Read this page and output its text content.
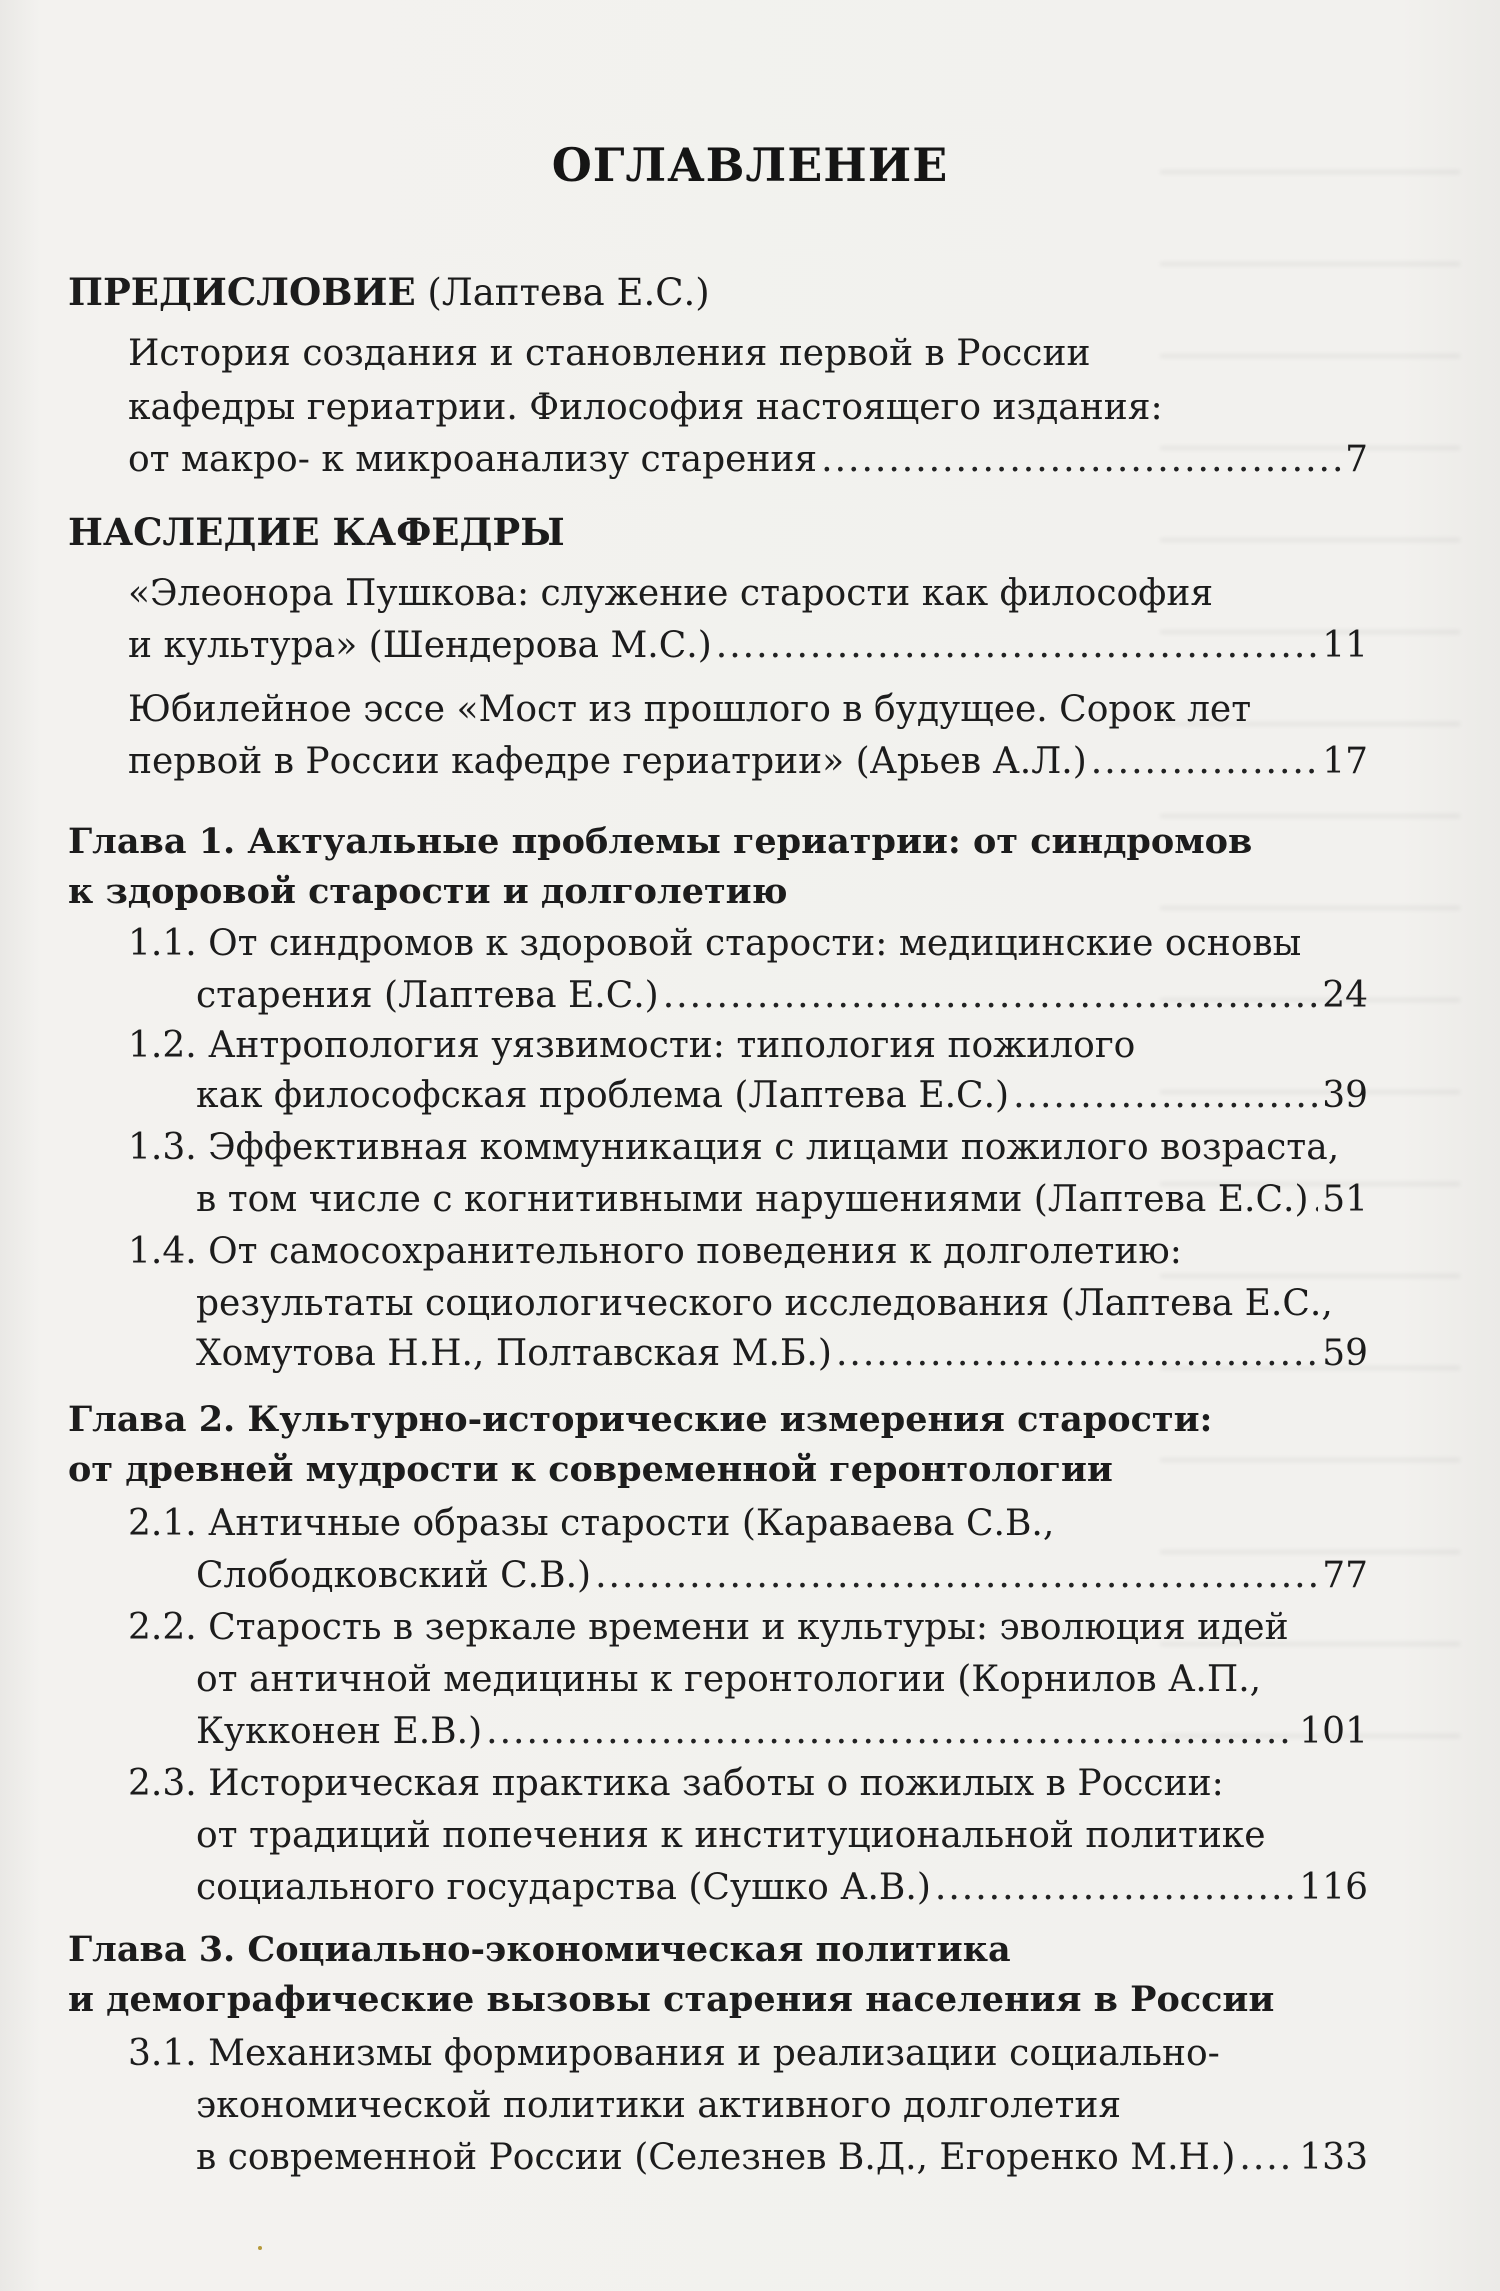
ОГЛАВЛЕНИЕ
ПРЕДИСЛОВИЕ (Лаптева Е.С.)
История создания и становления первой в России
кафедры гериатрии. Философия настоящего издания:
от макро- к микроанализу старения .....	7
НАСЛЕДИЕ КАФЕДРЫ
«Элеонора Пушкова: служение старости как философия
и культура» (Шендерова М.С.) .....	11
Юбилейное эссе «Мост из прошлого в будущее. Сорок лет
первой в России кафедре гериатрии» (Арьев А.Л.) .....	17
Глава 1. Актуальные проблемы гериатрии: от синдромов
к здоровой старости и долголетию
1.1. От синдромов к здоровой старости: медицинские основы
старения (Лаптева Е.С.) .....	24
1.2. Антропология уязвимости: типология пожилого
как философская проблема (Лаптева Е.С.) .....	39
1.3. Эффективная коммуникация с лицами пожилого возраста,
в том числе с когнитивными нарушениями (Лаптева Е.С.) ..... 51
1.4. От самосохранительного поведения к долголетию:
результаты социологического исследования (Лаптева Е.С.,
Хомутова Н.Н., Полтавская М.Б.) .....	59
Глава 2. Культурно-исторические измерения старости:
от древней мудрости к современной геронтологии
2.1. Античные образы старости (Караваева С.В.,
Слободковский С.В.) .....	77
2.2. Старость в зеркале времени и культуры: эволюция идей
от античной медицины к геронтологии (Корнилов А.П.,
Кукконен Е.В.) .....	101
2.3. Историческая практика заботы о пожилых в России:
от традиций попечения к институциональной политике
социального государства (Сушко А.В.) .....	116
Глава 3. Социально-экономическая политика
и демографические вызовы старения населения в России
3.1. Механизмы формирования и реализации социально-
экономической политики активного долголетия
в современной России (Селезнев В.Д., Егоренко М.Н.) ..... 133
